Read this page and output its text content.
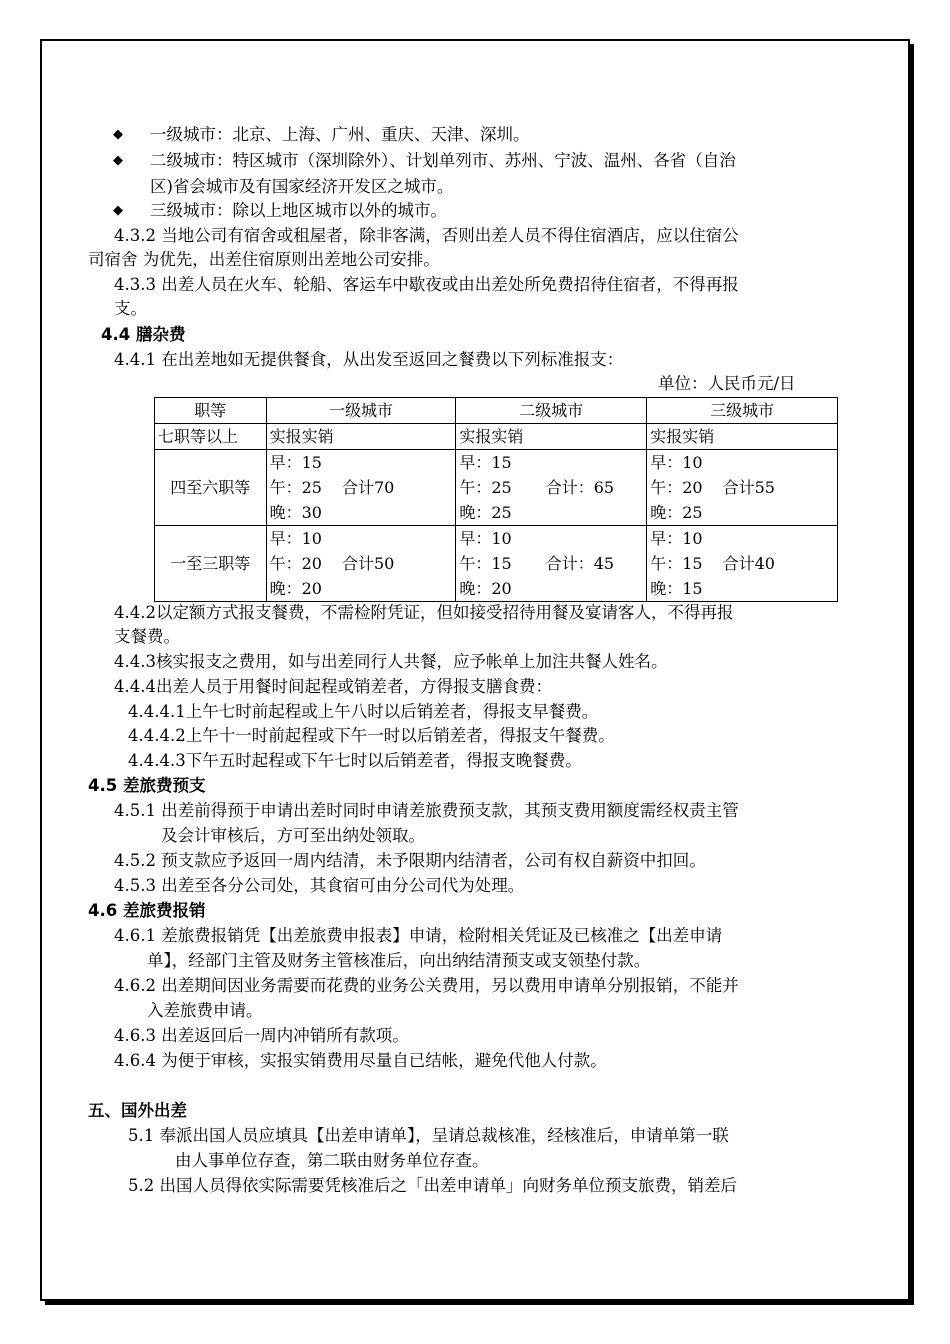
◆ 一级城市：北京、上海、广州、重庆、天津、深圳。
◆ 二级城市：特区城市（深圳除外）、计划单列市、苏州、宁波、温州、各省（自治
区)省会城市及有国家经济开发区之城市。
◆ 三级城市：除以上地区城市以外的城市。
4.3.2 当地公司有宿舍或租屋者，除非客满，否则出差人员不得住宿酒店，应以住宿公
司宿舍 为优先，出差住宿原则出差地公司安排。
4.3.3 出差人员在火车、轮船、客运车中歇夜或由出差处所免费招待住宿者，不得再报
支。
4.4 膳杂费
4.4.1 在出差地如无提供餐食，从出发至返回之餐费以下列标准报支：
单位：人民币元/日
职等	一级城市	二级城市	三级城市
七职等以上	实报实销	实报实销	实报实销
四至六职等	早：15
午：25 合计70
晚：30	早：15
午：25 合计：65
晚：25	早：10
午：20 合计55
晚：25

一至三职等	早：10
午：20 合计50
晚：20	早：10
午：15 合计：45
晚：20	早：10
午：15 合计40
晚：15
4.4.2以定额方式报支餐费，不需检附凭证，但如接受招待用餐及宴请客人，不得再报
支餐费。
4.4.3核实报支之费用，如与出差同行人共餐，应予帐单上加注共餐人姓名。
4.4.4出差人员于用餐时间起程或销差者，方得报支膳食费：
4.4.4.1上午七时前起程或上午八时以后销差者，得报支早餐费。
4.4.4.2上午十一时前起程或下午一时以后销差者，得报支午餐费。
4.4.4.3下午五时起程或下午七时以后销差者，得报支晚餐费。
4.5 差旅费预支
4.5.1 出差前得预于申请出差时同时申请差旅费预支款，其预支费用额度需经权责主管
及会计审核后，方可至出纳处领取。
4.5.2 预支款应予返回一周内结清，未予限期内结清者，公司有权自薪资中扣回。
4.5.3 出差至各分公司处，其食宿可由分公司代为处理。
4.6 差旅费报销
4.6.1 差旅费报销凭【出差旅费申报表】申请，检附相关凭证及已核准之【出差申请
单】，经部门主管及财务主管核准后，向出纳结清预支或支领垫付款。
4.6.2 出差期间因业务需要而花费的业务公关费用，另以费用申请单分别报销，不能并
入差旅费申请。
4.6.3 出差返回后一周内冲销所有款项。
4.6.4 为便于审核，实报实销费用尽量自已结帐，避免代他人付款。
五、国外出差
5.1 奉派出国人员应填具【出差申请单】，呈请总裁核准，经核准后，申请单第一联
由人事单位存查，第二联由财务单位存查。
5.2 出国人员得依实际需要凭核准后之「出差申请单」向财务单位预支旅费，销差后
